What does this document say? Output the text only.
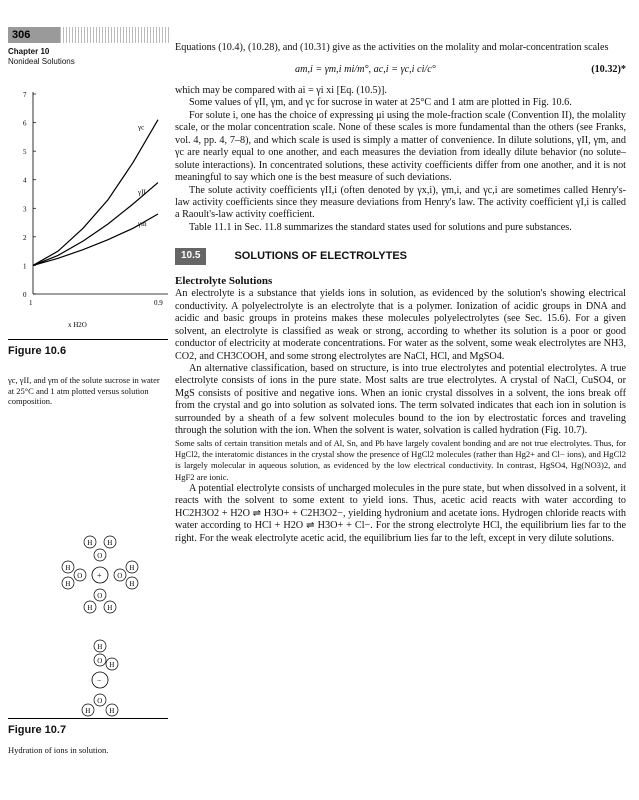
306
Chapter 10
Nonideal Solutions
0
1
2
3
4
5
6
7
1	0.9
γc
γII
γm
x H2O
Figure 10.6
γc, γII, and γm of the solute sucrose in water at 25°C and 1 atm plotted versus solution composition.
+
O
H H
O
H H
O
H
H
O
H
H
−
O
H
H
O
H	H
Figure 10.7
Hydration of ions in solution.

Equations (10.4), (10.28), and (10.31) give as the activities on the molality and molar-concentration scales

am,i = γm,i mi/m°, ac,i = γc,i ci/c°	(10.32)*

which may be compared with ai = γi xi [Eq. (10.5)].

Some values of γII, γm, and γc for sucrose in water at 25°C and 1 atm are plotted in Fig. 10.6.

For solute i, one has the choice of expressing μi using the mole-fraction scale (Convention II), the molality scale, or the molar concentration scale. None of these scales is more fundamental than the others (see Franks, vol. 4, pp. 4, 7–8), and which scale is used is simply a matter of convenience. In dilute solutions, γII, γm, and γc are nearly equal to one another, and each measures the deviation from ideally dilute behavior (no solute–solute interactions). In concentrated solutions, these activity coefficients differ from one another, and it is not meaningful to say which one is the best measure of such deviations.

The solute activity coefficients γII,i (often denoted by γx,i), γm,i, and γc,i are sometimes called Henry's-law activity coefficients since they measure deviations from Henry's law. The activity coefficient γI,i is called a Raoult's-law activity coefficient.

Table 11.1 in Sec. 11.8 summarizes the standard states used for solutions and pure substances.

10.5	SOLUTIONS OF ELECTROLYTES
Electrolyte Solutions

An electrolyte is a substance that yields ions in solution, as evidenced by the solution's showing electrical conductivity. A polyelectrolyte is an electrolyte that is a polymer. Ionization of acidic groups in DNA and acidic and basic groups in proteins makes these molecules polyelectrolytes (see Sec. 15.6). For a given solvent, an electrolyte is classified as weak or strong, according to whether its solution is a poor or good conductor of electricity at moderate concentrations. For water as the solvent, some weak electrolytes are NH3, CO2, and CH3COOH, and some strong electrolytes are NaCl, HCl, and MgSO4.

An alternative classification, based on structure, is into true electrolytes and potential electrolytes. A true electrolyte consists of ions in the pure state. Most salts are true electrolytes. A crystal of NaCl, CuSO4, or MgS consists of positive and negative ions. When an ionic crystal dissolves in a solvent, the ions break off from the crystal and go into solution as solvated ions. The term solvated indicates that each ion in solution is surrounded by a sheath of a few solvent molecules bound to the ion by electrostatic forces and traveling through the solution with the ion. When the solvent is water, solvation is called hydration (Fig. 10.7).

Some salts of certain transition metals and of Al, Sn, and Pb have largely covalent bonding and are not true electrolytes. Thus, for HgCl2, the interatomic distances in the crystal show the presence of HgCl2 molecules (rather than Hg2+ and Cl− ions), and HgCl2 is largely molecular in aqueous solution, as evidenced by the low electrical conductivity. In contrast, HgSO4, Hg(NO3)2, and HgF2 are ionic.

A potential electrolyte consists of uncharged molecules in the pure state, but when dissolved in a solvent, it reacts with the solvent to some extent to yield ions. Thus, acetic acid reacts with water according to HC2H3O2 + H2O ⇌ H3O+ + C2H3O2−, yielding hydronium and acetate ions. Hydrogen chloride reacts with water according to HCl + H2O ⇌ H3O+ + Cl−. For the strong electrolyte HCl, the equilibrium lies far to the right. For the weak electrolyte acetic acid, the equilibrium lies far to the left, except in very dilute solutions.
